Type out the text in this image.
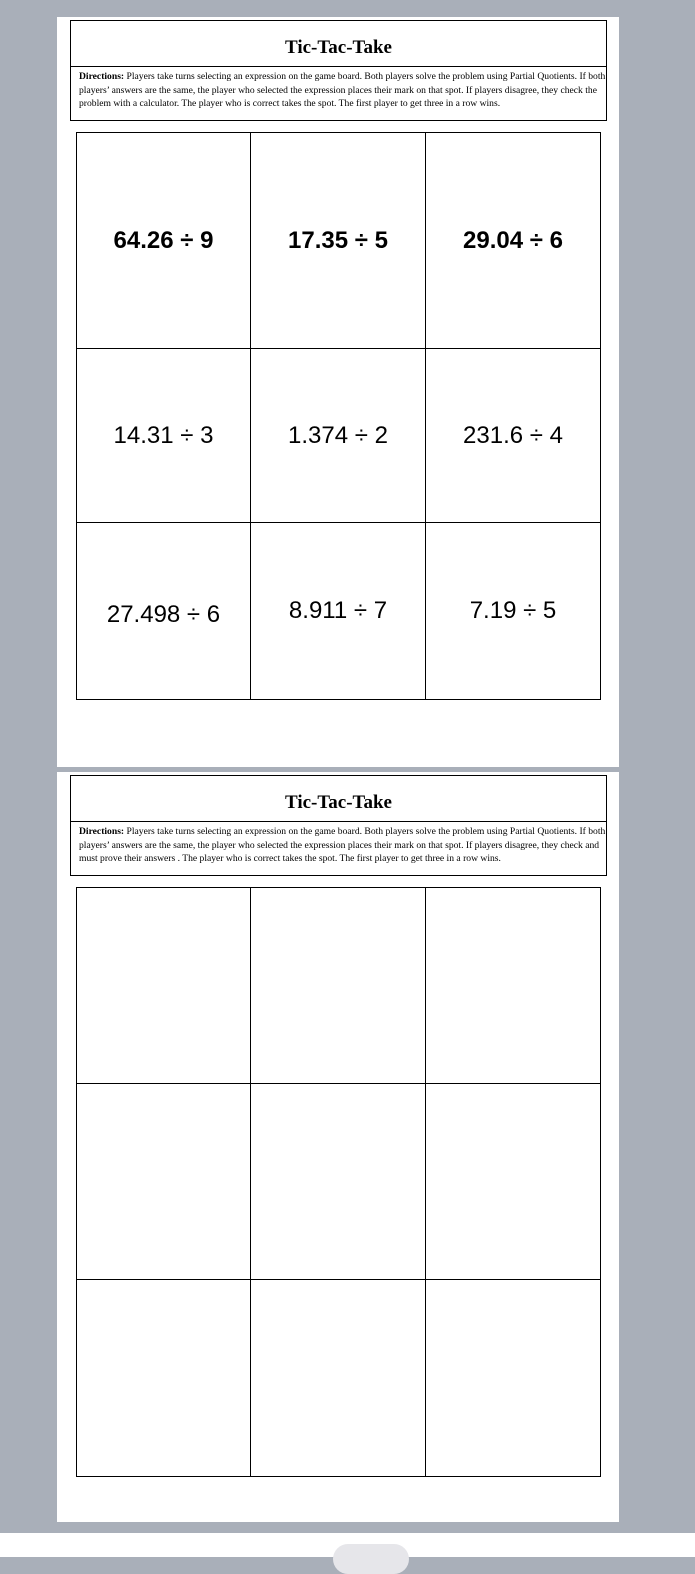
Tic-Tac-Take
Directions: Players take turns selecting an expression on the game board. Both players solve the problem using Partial Quotients. If both players’ answers are the same, the player who selected the expression places their mark on that spot. If players disagree, they check the problem with a calculator. The player who is correct takes the spot. The first player to get three in a row wins.
64.26 ÷ 9	17.35 ÷ 5	29.04 ÷ 6
14.31 ÷ 3	1.374 ÷ 2	231.6 ÷ 4
27.498 ÷ 6	8.911 ÷ 7	7.19 ÷ 5
Tic-Tac-Take
Directions: Players take turns selecting an expression on the game board. Both players solve the problem using Partial Quotients. If both players’ answers are the same, the player who selected the expression places their mark on that spot. If players disagree, they check and must prove their answers . The player who is correct takes the spot. The first player to get three in a row wins.
